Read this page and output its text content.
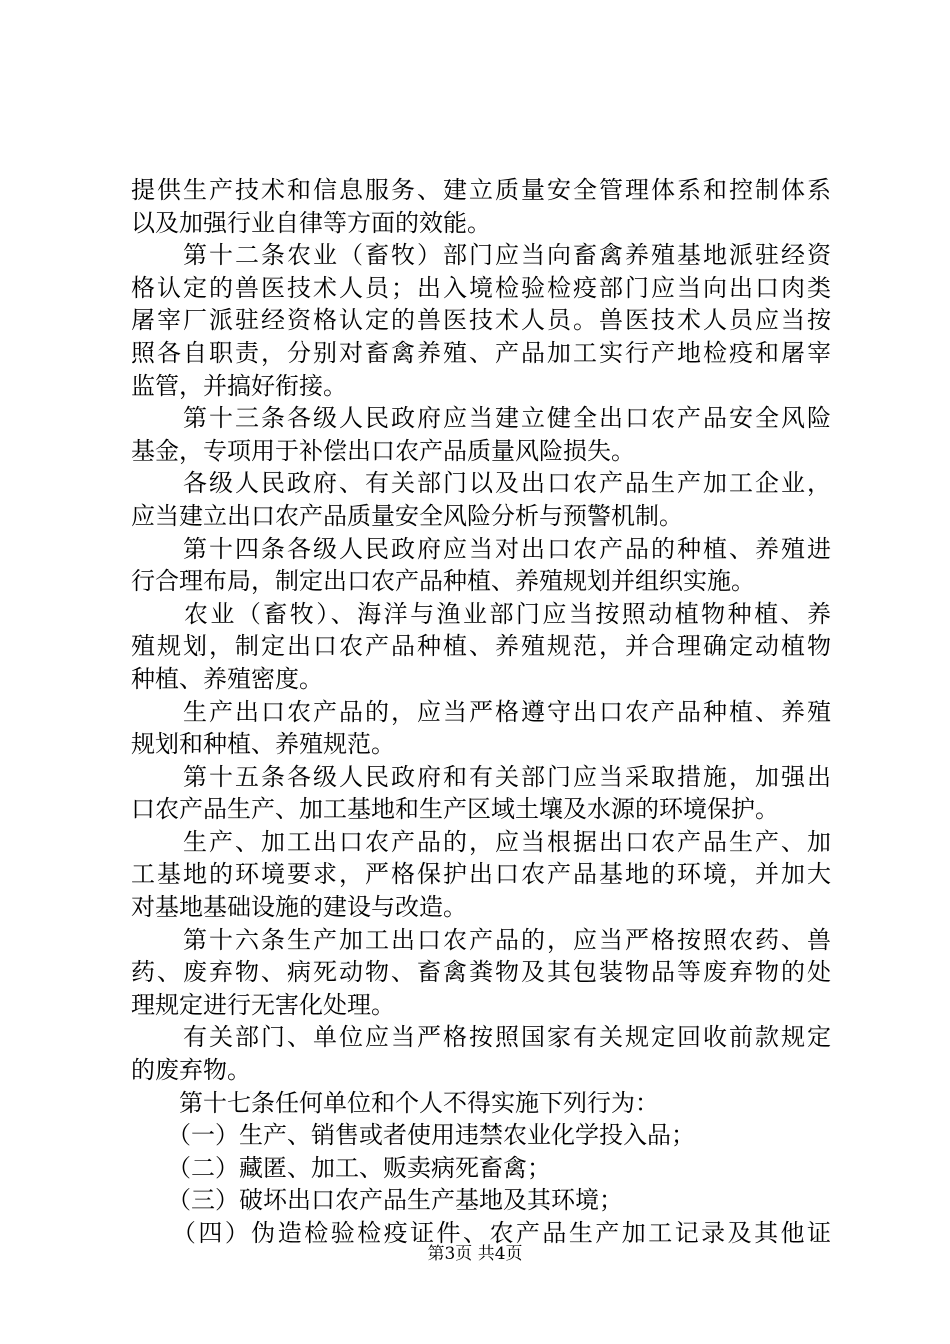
提供生产技术和信息服务、建立质量安全管理体系和控制体系
以及加强行业自律等方面的效能。
　　第十二条农业（畜牧）部门应当向畜禽养殖基地派驻经资
格认定的兽医技术人员；出入境检验检疫部门应当向出口肉类
屠宰厂派驻经资格认定的兽医技术人员。兽医技术人员应当按
照各自职责，分别对畜禽养殖、产品加工实行产地检疫和屠宰
监管，并搞好衔接。
　　第十三条各级人民政府应当建立健全出口农产品安全风险
基金，专项用于补偿出口农产品质量风险损失。
　　各级人民政府、有关部门以及出口农产品生产加工企业，
应当建立出口农产品质量安全风险分析与预警机制。
　　第十四条各级人民政府应当对出口农产品的种植、养殖进
行合理布局，制定出口农产品种植、养殖规划并组织实施。
　　农业（畜牧）、海洋与渔业部门应当按照动植物种植、养
殖规划，制定出口农产品种植、养殖规范，并合理确定动植物
种植、养殖密度。
　　生产出口农产品的，应当严格遵守出口农产品种植、养殖
规划和种植、养殖规范。
　　第十五条各级人民政府和有关部门应当采取措施，加强出
口农产品生产、加工基地和生产区域土壤及水源的环境保护。
　　生产、加工出口农产品的，应当根据出口农产品生产、加
工基地的环境要求，严格保护出口农产品基地的环境，并加大
对基地基础设施的建设与改造。
　　第十六条生产加工出口农产品的，应当严格按照农药、兽
药、废弃物、病死动物、畜禽粪物及其包装物品等废弃物的处
理规定进行无害化处理。
　　有关部门、单位应当严格按照国家有关规定回收前款规定
的废弃物。
　　第十七条任何单位和个人不得实施下列行为：
　　（一）生产、销售或者使用违禁农业化学投入品；
　　（二）藏匿、加工、贩卖病死畜禽；
　　（三）破坏出口农产品生产基地及其环境；
　　（四）伪造检验检疫证件、农产品生产加工记录及其他证
第3页 共4页
